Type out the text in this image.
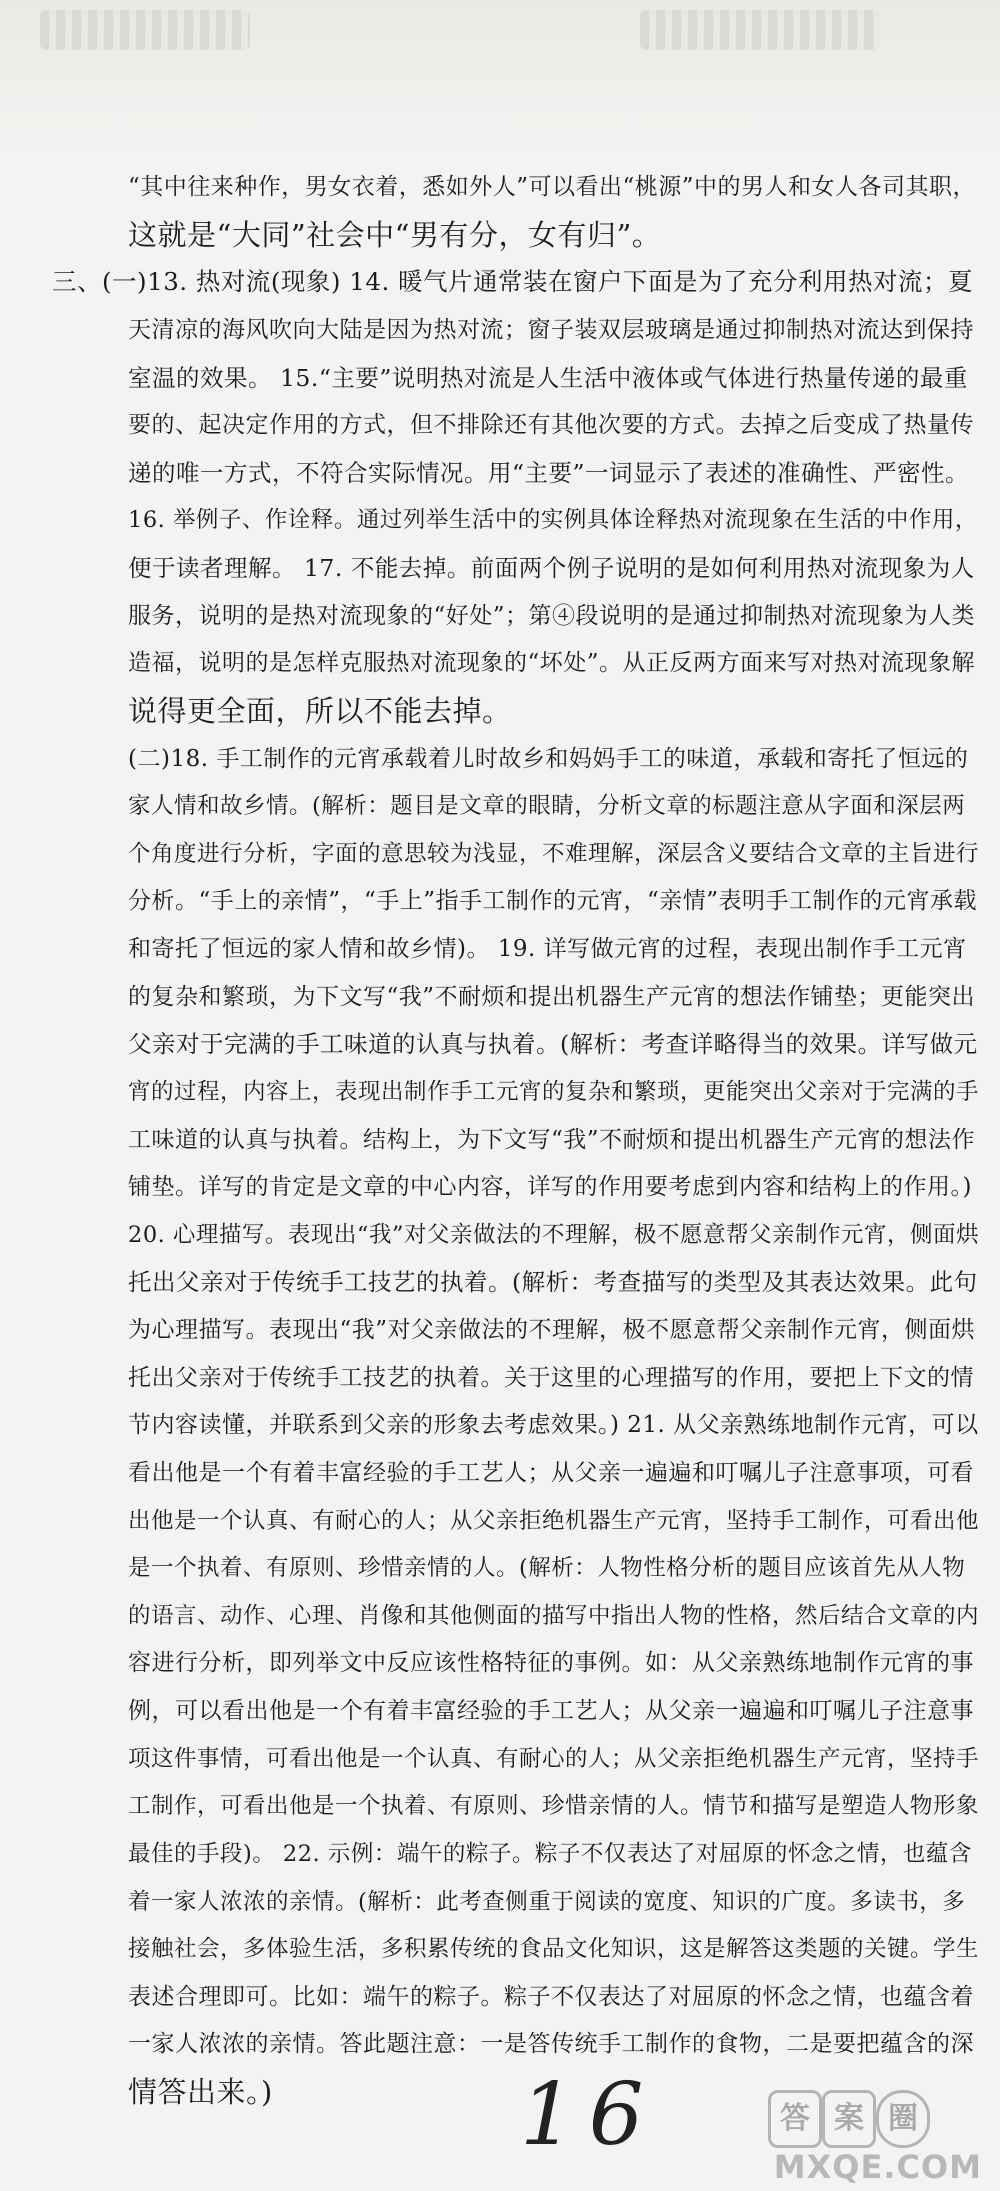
“其中往来种作，男女衣着，悉如外人”可以看出“桃源”中的男人和女人各司其职，
这就是“大同”社会中“男有分，女有归”。
三、(一)13. 热对流(现象) 14. 暖气片通常装在窗户下面是为了充分利用热对流；夏
天清凉的海风吹向大陆是因为热对流；窗子装双层玻璃是通过抑制热对流达到保持
室温的效果。 15.“主要”说明热对流是人生活中液体或气体进行热量传递的最重
要的、起决定作用的方式，但不排除还有其他次要的方式。去掉之后变成了热量传
递的唯一方式，不符合实际情况。用“主要”一词显示了表述的准确性、严密性。
16. 举例子、作诠释。通过列举生活中的实例具体诠释热对流现象在生活的中作用，
便于读者理解。 17. 不能去掉。前面两个例子说明的是如何利用热对流现象为人
服务，说明的是热对流现象的“好处”；第④段说明的是通过抑制热对流现象为人类
造福，说明的是怎样克服热对流现象的“坏处”。从正反两方面来写对热对流现象解
说得更全面，所以不能去掉。
(二)18. 手工制作的元宵承载着儿时故乡和妈妈手工的味道，承载和寄托了恒远的
家人情和故乡情。(解析：题目是文章的眼睛，分析文章的标题注意从字面和深层两
个角度进行分析，字面的意思较为浅显，不难理解，深层含义要结合文章的主旨进行
分析。“手上的亲情”，“手上”指手工制作的元宵，“亲情”表明手工制作的元宵承载
和寄托了恒远的家人情和故乡情)。 19. 详写做元宵的过程，表现出制作手工元宵
的复杂和繁琐，为下文写“我”不耐烦和提出机器生产元宵的想法作铺垫；更能突出
父亲对于完满的手工味道的认真与执着。(解析：考查详略得当的效果。详写做元
宵的过程，内容上，表现出制作手工元宵的复杂和繁琐，更能突出父亲对于完满的手
工味道的认真与执着。结构上，为下文写“我”不耐烦和提出机器生产元宵的想法作
铺垫。详写的肯定是文章的中心内容，详写的作用要考虑到内容和结构上的作用。)
20. 心理描写。表现出“我”对父亲做法的不理解，极不愿意帮父亲制作元宵，侧面烘
托出父亲对于传统手工技艺的执着。(解析：考查描写的类型及其表达效果。此句
为心理描写。表现出“我”对父亲做法的不理解，极不愿意帮父亲制作元宵，侧面烘
托出父亲对于传统手工技艺的执着。关于这里的心理描写的作用，要把上下文的情
节内容读懂，并联系到父亲的形象去考虑效果。) 21. 从父亲熟练地制作元宵，可以
看出他是一个有着丰富经验的手工艺人；从父亲一遍遍和叮嘱儿子注意事项，可看
出他是一个认真、有耐心的人；从父亲拒绝机器生产元宵，坚持手工制作，可看出他
是一个执着、有原则、珍惜亲情的人。(解析：人物性格分析的题目应该首先从人物
的语言、动作、心理、肖像和其他侧面的描写中指出人物的性格，然后结合文章的内
容进行分析，即列举文中反应该性格特征的事例。如：从父亲熟练地制作元宵的事
例，可以看出他是一个有着丰富经验的手工艺人；从父亲一遍遍和叮嘱儿子注意事
项这件事情，可看出他是一个认真、有耐心的人；从父亲拒绝机器生产元宵，坚持手
工制作，可看出他是一个执着、有原则、珍惜亲情的人。情节和描写是塑造人物形象
最佳的手段)。 22. 示例：端午的粽子。粽子不仅表达了对屈原的怀念之情，也蕴含
着一家人浓浓的亲情。(解析：此考查侧重于阅读的宽度、知识的广度。多读书，多
接触社会，多体验生活，多积累传统的食品文化知识，这是解答这类题的关键。学生
表述合理即可。比如：端午的粽子。粽子不仅表达了对屈原的怀念之情，也蕴含着
一家人浓浓的亲情。答此题注意：一是答传统手工制作的食物，二是要把蕴含的深
情答出来。)	16	答 案 圈
MXQE.COM
